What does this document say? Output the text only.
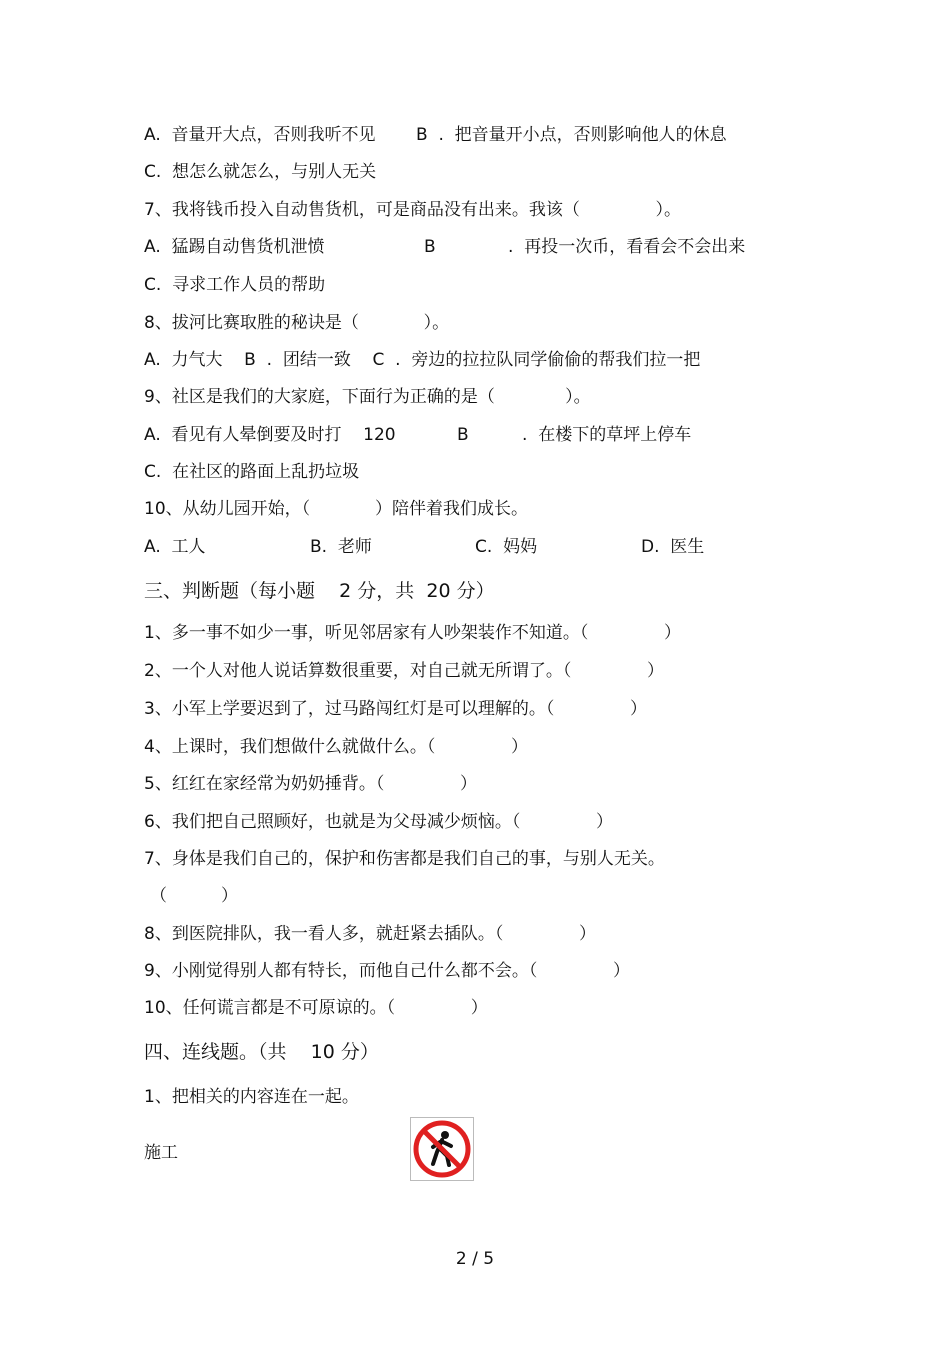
A.  音量开大点，否则我听不见 B  .  把音量开小点，否则影响他人的休息
C.  想怎么就怎么，与别人无关
7、我将钱币投入自动售货机，可是商品没有出来。我该（              ）。
A.  猛踢自动售货机泄愤	B	.  再投一次币，看看会不会出来
C.  寻求工作人员的帮助
8、拔河比赛取胜的秘诀是（            ）。
A.  力气大    B  .  团结一致    C  .  旁边的拉拉队同学偷偷的帮我们拉一把
9、社区是我们的大家庭，下面行为正确的是（             ）。
A.  看见有人晕倒要及时打    120	B	.  在楼下的草坪上停车
C.  在社区的路面上乱扔垃圾
10、从幼儿园开始，（            ）陪伴着我们成长。
A.  工人	B.  老师	C.  妈妈	D.  医生
三、判断题（每小题    2 分，共  20 分）
1、多一事不如少一事，听见邻居家有人吵架装作不知道。（              ）
2、一个人对他人说话算数很重要，对自己就无所谓了。（              ）
3、小军上学要迟到了，过马路闯红灯是可以理解的。（              ）
4、上课时，我们想做什么就做什么。（              ）
5、红红在家经常为奶奶捶背。（              ）
6、我们把自己照顾好，也就是为父母减少烦恼。（              ）
7、身体是我们自己的，保护和伤害都是我们自己的事，与别人无关。
（          ）
8、到医院排队，我一看人多，就赶紧去插队。（              ）
9、小刚觉得别人都有特长，而他自己什么都不会。（              ）
10、任何谎言都是不可原谅的。（              ）
四、连线题。（共    10 分）
1、把相关的内容连在一起。
施工
2 / 5
